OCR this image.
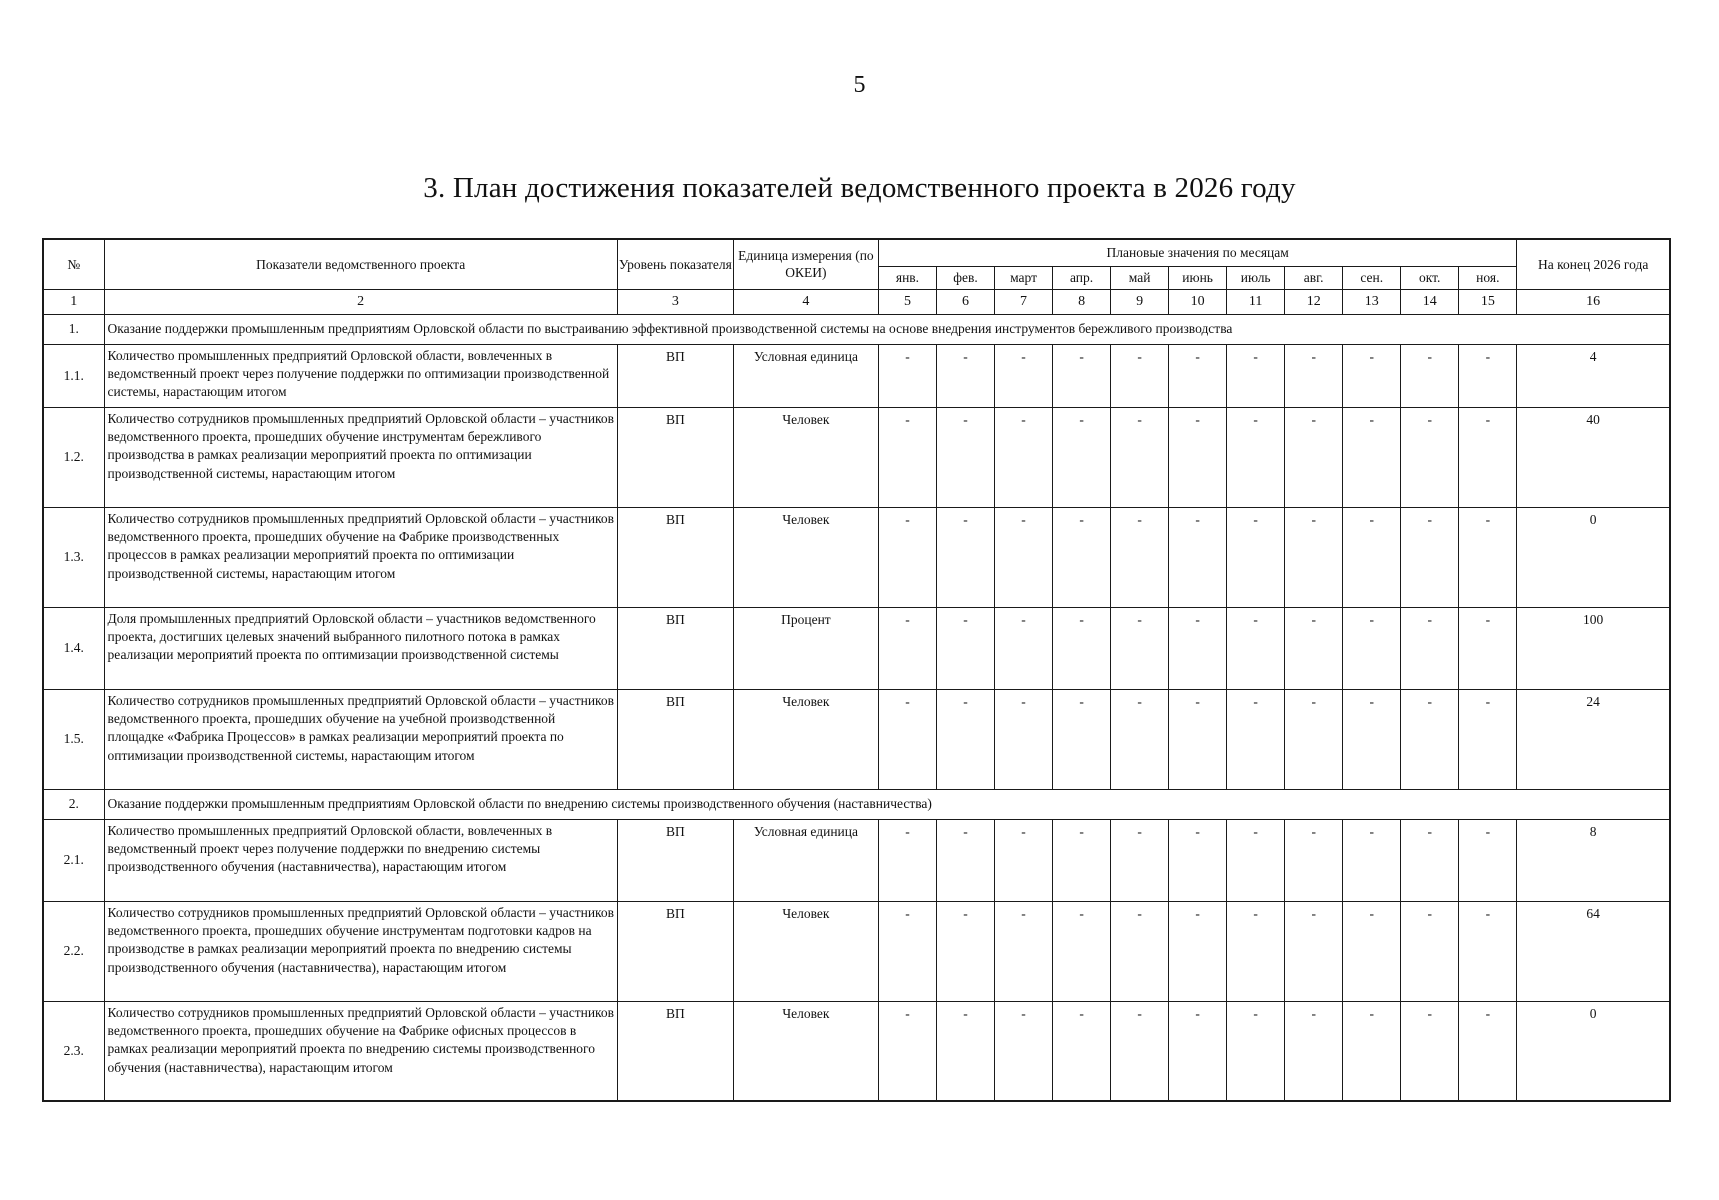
5
3. План достижения показателей ведомственного проекта в 2026 году
№	Показатели ведомственного проекта	Уровень показателя	Единица измерения (по ОКЕИ)	Плановые значения по месяцам											На конец 2026 года
				янв.	фев.	март	апр.	май	июнь	июль	авг.	сен.	окт.	ноя.	
1	2	3	4	5	6	7	8	9	10	11	12	13	14	15	16
1.	Оказание поддержки промышленным предприятиям Орловской области по выстраиванию эффективной производственной системы на основе внедрения инструментов бережливого производства														
1.1.	Количество промышленных предприятий Орловской области, вовлеченных в ведомственный проект через получение поддержки по оптимизации производственной системы, нарастающим итогом	ВП	Условная единица	-	-	-	-	-	-	-	-	-	-	-	4
1.2.	Количество сотрудников промышленных предприятий Орловской области – участников ведомственного проекта, прошедших обучение инструментам бережливого производства в рамках реализации мероприятий проекта по оптимизации производственной системы, нарастающим итогом	ВП	Человек	-	-	-	-	-	-	-	-	-	-	-	40
1.3.	Количество сотрудников промышленных предприятий Орловской области – участников ведомственного проекта, прошедших обучение на Фабрике производственных процессов в рамках реализации мероприятий проекта по оптимизации производственной системы, нарастающим итогом	ВП	Человек	-	-	-	-	-	-	-	-	-	-	-	0
1.4.	Доля промышленных предприятий Орловской области – участников ведомственного проекта, достигших целевых значений выбранного пилотного потока в рамках реализации мероприятий проекта по оптимизации производственной системы	ВП	Процент	-	-	-	-	-	-	-	-	-	-	-	100
1.5.	Количество сотрудников промышленных предприятий Орловской области – участников ведомственного проекта, прошедших обучение на учебной производственной площадке «Фабрика Процессов» в рамках реализации мероприятий проекта по оптимизации производственной системы, нарастающим итогом	ВП	Человек	-	-	-	-	-	-	-	-	-	-	-	24
2.	Оказание поддержки промышленным предприятиям Орловской области по внедрению системы производственного обучения (наставничества)														
2.1.	Количество промышленных предприятий Орловской области, вовлеченных в ведомственный проект через получение поддержки по внедрению системы производственного обучения (наставничества), нарастающим итогом	ВП	Условная единица	-	-	-	-	-	-	-	-	-	-	-	8
2.2.	Количество сотрудников промышленных предприятий Орловской области – участников ведомственного проекта, прошедших обучение инструментам подготовки кадров на производстве в рамках реализации мероприятий проекта по внедрению системы производственного обучения (наставничества), нарастающим итогом	ВП	Человек	-	-	-	-	-	-	-	-	-	-	-	64
2.3.	Количество сотрудников промышленных предприятий Орловской области – участников ведомственного проекта, прошедших обучение на Фабрике офисных процессов в рамках реализации мероприятий проекта по внедрению системы производственного обучения (наставничества), нарастающим итогом	ВП	Человек	-	-	-	-	-	-	-	-	-	-	-	0
